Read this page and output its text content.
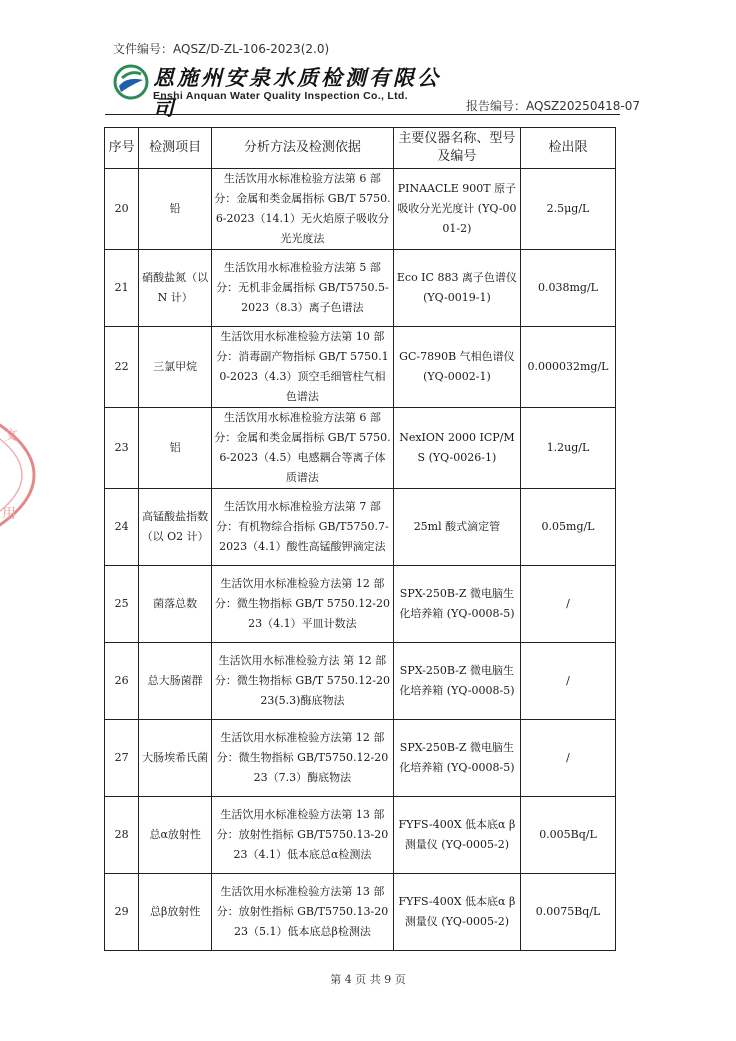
文件编号：AQSZ/D-ZL-106-2023(2.0)
恩施州安泉水质检测有限公司
Enshi Anquan Water Quality Inspection Co., Ltd.
报告编号：AQSZ20250418-07
文
用
序号	检测项目	分析方法及检测依据	主要仪器名称、型号及编号	检出限
20	铅	生活饮用水标准检验方法第 6 部分：金属和类金属指标 GB/T 5750.6-2023（14.1）无火焰原子吸收分光光度法	PINAACLE 900T 原子吸收分光光度计 (YQ-0001-2)	2.5μg/L
21	硝酸盐氮（以 N 计）	生活饮用水标准检验方法第 5 部分：无机非金属指标 GB/T5750.5-2023（8.3）离子色谱法	Eco IC 883 离子色谱仪 (YQ-0019-1)	0.038mg/L
22	三氯甲烷	生活饮用水标准检验方法第 10 部分：消毒副产物指标 GB/T 5750.10-2023（4.3）顶空毛细管柱气相色谱法	GC-7890B 气相色谱仪 (YQ-0002-1)	0.000032mg/L
23	铝	生活饮用水标准检验方法第 6 部分：金属和类金属指标 GB/T 5750.6-2023（4.5）电感耦合等离子体质谱法	NexION 2000 ICP/MS (YQ-0026-1)	1.2ug/L
24	高锰酸盐指数（以 O2 计）	生活饮用水标准检验方法第 7 部分：有机物综合指标 GB/T5750.7-2023（4.1）酸性高锰酸钾滴定法	25ml 酸式滴定管	0.05mg/L
25	菌落总数	生活饮用水标准检验方法第 12 部分：微生物指标 GB/T 5750.12-2023（4.1）平皿计数法	SPX-250B-Z 微电脑生化培养箱 (YQ-0008-5)	/
26	总大肠菌群	生活饮用水标准检验方法 第 12 部分：微生物指标 GB/T 5750.12-2023(5.3)酶底物法	SPX-250B-Z 微电脑生化培养箱 (YQ-0008-5)	/
27	大肠埃希氏菌	生活饮用水标准检验方法第 12 部分：微生物指标 GB/T5750.12-2023（7.3）酶底物法	SPX-250B-Z 微电脑生化培养箱 (YQ-0008-5)	/
28	总α放射性	生活饮用水标准检验方法第 13 部分：放射性指标 GB/T5750.13-2023（4.1）低本底总α检测法	FYFS-400X 低本底α β 测量仪 (YQ-0005-2)	0.005Bq/L
29	总β放射性	生活饮用水标准检验方法第 13 部分：放射性指标 GB/T5750.13-2023（5.1）低本底总β检测法	FYFS-400X 低本底α β 测量仪 (YQ-0005-2)	0.0075Bq/L
第 4 页 共 9 页
